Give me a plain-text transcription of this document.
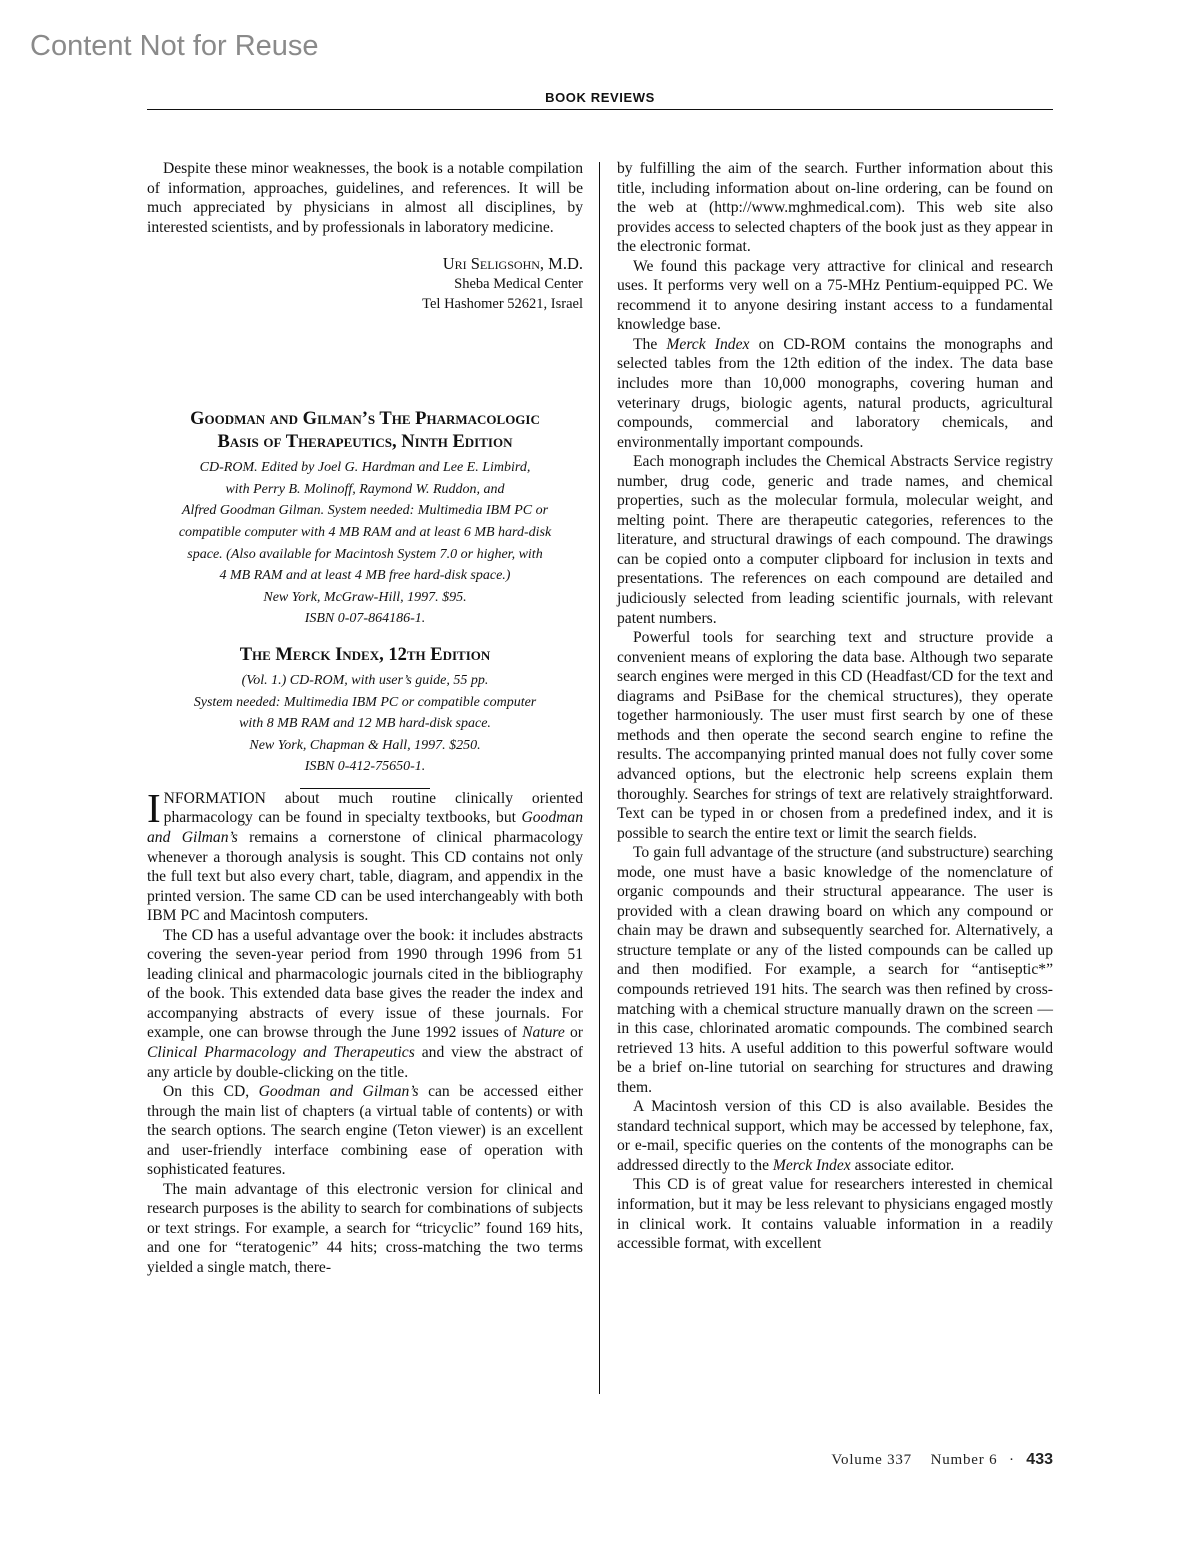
Content Not for Reuse
BOOK REVIEWS

Despite these minor weaknesses, the book is a notable compilation of information, approaches, guidelines, and references. It will be much appreciated by physicians in almost all disciplines, by interested scientists, and by professionals in laboratory medicine.

Uri Seligsohn, M.D.
Sheba Medical Center
Tel Hashomer 52621, Israel
Goodman and Gilman’s The Pharmacologic
Basis of Therapeutics, Ninth Edition
CD-ROM. Edited by Joel G. Hardman and Lee E. Limbird,
with Perry B. Molinoff, Raymond W. Ruddon, and
Alfred Goodman Gilman. System needed: Multimedia IBM PC or
compatible computer with 4 MB RAM and at least 6 MB hard-disk
space. (Also available for Macintosh System 7.0 or higher, with
4 MB RAM and at least 4 MB free hard-disk space.)
New York, McGraw-Hill, 1997. $95.
ISBN 0-07-864186-1.
The Merck Index, 12th Edition
(Vol. 1.) CD-ROM, with user’s guide, 55 pp.
System needed: Multimedia IBM PC or compatible computer
with 8 MB RAM and 12 MB hard-disk space.
New York, Chapman & Hall, 1997. $250.
ISBN 0-412-75650-1.

INFORMATION about much routine clinically oriented pharmacology can be found in specialty textbooks, but Goodman and Gilman’s remains a cornerstone of clinical pharmacology whenever a thorough analysis is sought. This CD contains not only the full text but also every chart, table, diagram, and appendix in the printed version. The same CD can be used interchangeably with both IBM PC and Macintosh computers.

The CD has a useful advantage over the book: it includes abstracts covering the seven-year period from 1990 through 1996 from 51 leading clinical and pharmacologic journals cited in the bibliography of the book. This extended data base gives the reader the index and accompanying abstracts of every issue of these journals. For example, one can browse through the June 1992 issues of Nature or Clinical Pharmacology and Therapeutics and view the abstract of any article by double-clicking on the title.

On this CD, Goodman and Gilman’s can be accessed either through the main list of chapters (a virtual table of contents) or with the search options. The search engine (Teton viewer) is an excellent and user-friendly interface combining ease of operation with sophisticated features.

The main advantage of this electronic version for clinical and research purposes is the ability to search for combinations of subjects or text strings. For example, a search for “tricyclic” found 169 hits, and one for “teratogenic” 44 hits; cross-matching the two terms yielded a single match, there-

by fulfilling the aim of the search. Further information about this title, including information about on-line ordering, can be found on the web at (http://www.mghmedical.com). This web site also provides access to selected chapters of the book just as they appear in the electronic format.

We found this package very attractive for clinical and research uses. It performs very well on a 75-MHz Pentium-equipped PC. We recommend it to anyone desiring instant access to a fundamental knowledge base.

The Merck Index on CD-ROM contains the monographs and selected tables from the 12th edition of the index. The data base includes more than 10,000 monographs, covering human and veterinary drugs, biologic agents, natural products, agricultural compounds, commercial and laboratory chemicals, and environmentally important compounds.

Each monograph includes the Chemical Abstracts Service registry number, drug code, generic and trade names, and chemical properties, such as the molecular formula, molecular weight, and melting point. There are therapeutic categories, references to the literature, and structural drawings of each compound. The drawings can be copied onto a computer clipboard for inclusion in texts and presentations. The references on each compound are detailed and judiciously selected from leading scientific journals, with relevant patent numbers.

Powerful tools for searching text and structure provide a convenient means of exploring the data base. Although two separate search engines were merged in this CD (Headfast/CD for the text and diagrams and PsiBase for the chemical structures), they operate together harmoniously. The user must first search by one of these methods and then operate the second search engine to refine the results. The accompanying printed manual does not fully cover some advanced options, but the electronic help screens explain them thoroughly. Searches for strings of text are relatively straightforward. Text can be typed in or chosen from a predefined index, and it is possible to search the entire text or limit the search fields.

To gain full advantage of the structure (and substructure) searching mode, one must have a basic knowledge of the nomenclature of organic compounds and their structural appearance. The user is provided with a clean drawing board on which any compound or chain may be drawn and subsequently searched for. Alternatively, a structure template or any of the listed compounds can be called up and then modified. For example, a search for “antiseptic*” compounds retrieved 191 hits. The search was then refined by cross-matching with a chemical structure manually drawn on the screen — in this case, chlorinated aromatic compounds. The combined search retrieved 13 hits. A useful addition to this powerful software would be a brief on-line tutorial on searching for structures and drawing them.

A Macintosh version of this CD is also available. Besides the standard technical support, which may be accessed by telephone, fax, or e-mail, specific queries on the contents of the monographs can be addressed directly to the Merck Index associate editor.

This CD is of great value for researchers interested in chemical information, but it may be less relevant to physicians engaged mostly in clinical work. It contains valuable information in a readily accessible format, with excellent

Volume 337 Number 6 · 433
